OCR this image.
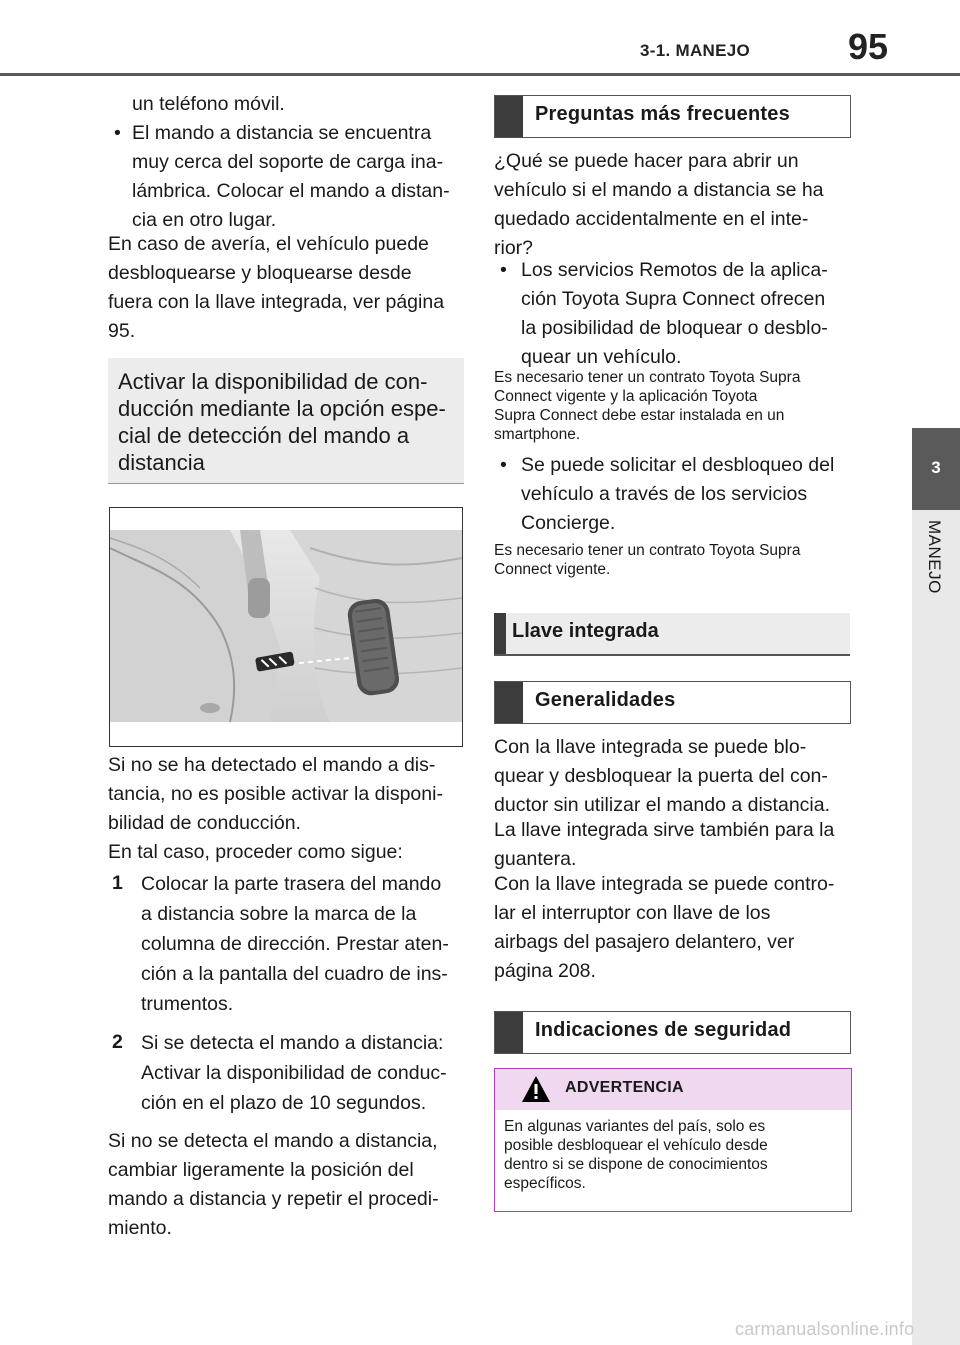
3-1. MANEJO	95
3
MANEJO
un teléfono móvil.
• El mando a distancia se encuentra
muy cerca del soporte de carga ina-
lámbrica. Colocar el mando a distan-
cia en otro lugar.
En caso de avería, el vehículo puede
desbloquearse y bloquearse desde
fuera con la llave integrada, ver página
95.
Activar la disponibilidad de con-
ducción mediante la opción espe-
cial de detección del mando a
distancia
Si no se ha detectado el mando a dis-
tancia, no es posible activar la disponi-
bilidad de conducción.
En tal caso, proceder como sigue:
1 Colocar la parte trasera del mando
a distancia sobre la marca de la
columna de dirección. Prestar aten-
ción a la pantalla del cuadro de ins-
trumentos.
2 Si se detecta el mando a distancia:
Activar la disponibilidad de conduc-
ción en el plazo de 10 segundos.
Si no se detecta el mando a distancia,
cambiar ligeramente la posición del
mando a distancia y repetir el procedi-
miento.
Preguntas más frecuentes
¿Qué se puede hacer para abrir un
vehículo si el mando a distancia se ha
quedado accidentalmente en el inte-
rior?
• Los servicios Remotos de la aplica-
ción Toyota Supra Connect ofrecen
la posibilidad de bloquear o desblo-
quear un vehículo.
Es necesario tener un contrato Toyota Supra
Connect vigente y la aplicación Toyota
Supra Connect debe estar instalada en un
smartphone.
• Se puede solicitar el desbloqueo del
vehículo a través de los servicios
Concierge.
Es necesario tener un contrato Toyota Supra
Connect vigente.
Llave integrada
Generalidades
Con la llave integrada se puede blo-
quear y desbloquear la puerta del con-
ductor sin utilizar el mando a distancia.
La llave integrada sirve también para la
guantera.
Con la llave integrada se puede contro-
lar el interruptor con llave de los
airbags del pasajero delantero, ver
página 208.
Indicaciones de seguridad
ADVERTENCIA
En algunas variantes del país, solo es
posible desbloquear el vehículo desde
dentro si se dispone de conocimientos
específicos.
carmanualsonline.info
